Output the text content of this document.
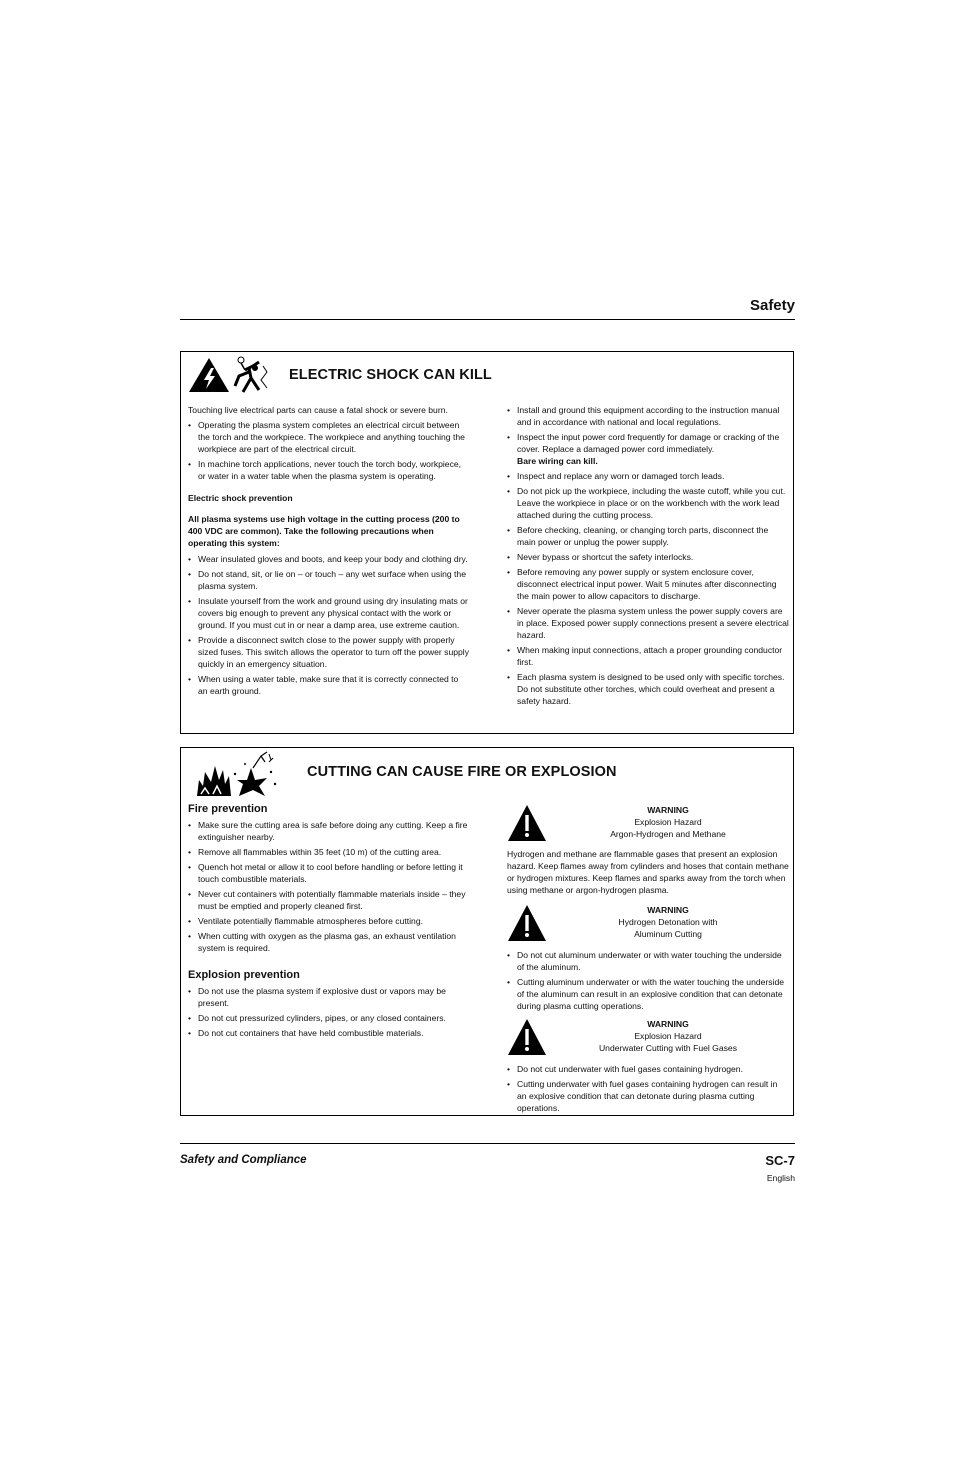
Safety
ELECTRIC SHOCK CAN KILL

Touching live electrical parts can cause a fatal shock or severe burn.

• Operating the plasma system completes an electrical circuit between the torch and the workpiece. The workpiece and anything touching the workpiece are part of the electrical circuit.
• In machine torch applications, never touch the torch body, workpiece, or water in a water table when the plasma system is operating.

Electric shock prevention

All plasma systems use high voltage in the cutting process (200 to 400 VDC are common). Take the following precautions when operating this system:

• Wear insulated gloves and boots, and keep your body and clothing dry.
• Do not stand, sit, or lie on – or touch – any wet surface when using the plasma system.
• Insulate yourself from the work and ground using dry insulating mats or covers big enough to prevent any physical contact with the work or ground. If you must cut in or near a damp area, use extreme caution.
• Provide a disconnect switch close to the power supply with properly sized fuses. This switch allows the operator to turn off the power supply quickly in an emergency situation.
• When using a water table, make sure that it is correctly connected to an earth ground.
• Install and ground this equipment according to the instruction manual and in accordance with national and local regulations.
• Inspect the input power cord frequently for damage or cracking of the cover. Replace a damaged power cord immediately.
Bare wiring can kill.
• Inspect and replace any worn or damaged torch leads.
• Do not pick up the workpiece, including the waste cutoff, while you cut. Leave the workpiece in place or on the workbench with the work lead attached during the cutting process.
• Before checking, cleaning, or changing torch parts, disconnect the main power or unplug the power supply.
• Never bypass or shortcut the safety interlocks.
• Before removing any power supply or system enclosure cover, disconnect electrical input power. Wait 5 minutes after disconnecting the main power to allow capacitors to discharge.
• Never operate the plasma system unless the power supply covers are in place. Exposed power supply connections present a severe electrical hazard.
• When making input connections, attach a proper grounding conductor first.
• Each plasma system is designed to be used only with specific torches. Do not substitute other torches, which could overheat and present a safety hazard.
CUTTING CAN CAUSE FIRE OR EXPLOSION

Fire prevention

• Make sure the cutting area is safe before doing any cutting. Keep a fire extinguisher nearby.
• Remove all flammables within 35 feet (10 m) of the cutting area.
• Quench hot metal or allow it to cool before handling or before letting it touch combustible materials.
• Never cut containers with potentially flammable materials inside – they must be emptied and properly cleaned first.
• Ventilate potentially flammable atmospheres before cutting.
• When cutting with oxygen as the plasma gas, an exhaust ventilation system is required.

Explosion prevention

• Do not use the plasma system if explosive dust or vapors may be present.
• Do not cut pressurized cylinders, pipes, or any closed containers.
• Do not cut containers that have held combustible materials.
WARNING
Explosion Hazard
Argon-Hydrogen and Methane

Hydrogen and methane are flammable gases that present an explosion hazard. Keep flames away from cylinders and hoses that contain methane or hydrogen mixtures. Keep flames and sparks away from the torch when using methane or argon-hydrogen plasma.

WARNING
Hydrogen Detonation with
Aluminum Cutting
• Do not cut aluminum underwater or with water touching the underside of the aluminum.
• Cutting aluminum underwater or with the water touching the underside of the aluminum can result in an explosive condition that can detonate during plasma cutting operations.
WARNING
Explosion Hazard
Underwater Cutting with Fuel Gases
• Do not cut underwater with fuel gases containing hydrogen.
• Cutting underwater with fuel gases containing hydrogen can result in an explosive condition that can detonate during plasma cutting operations.
Safety and Compliance	SC-7
English
